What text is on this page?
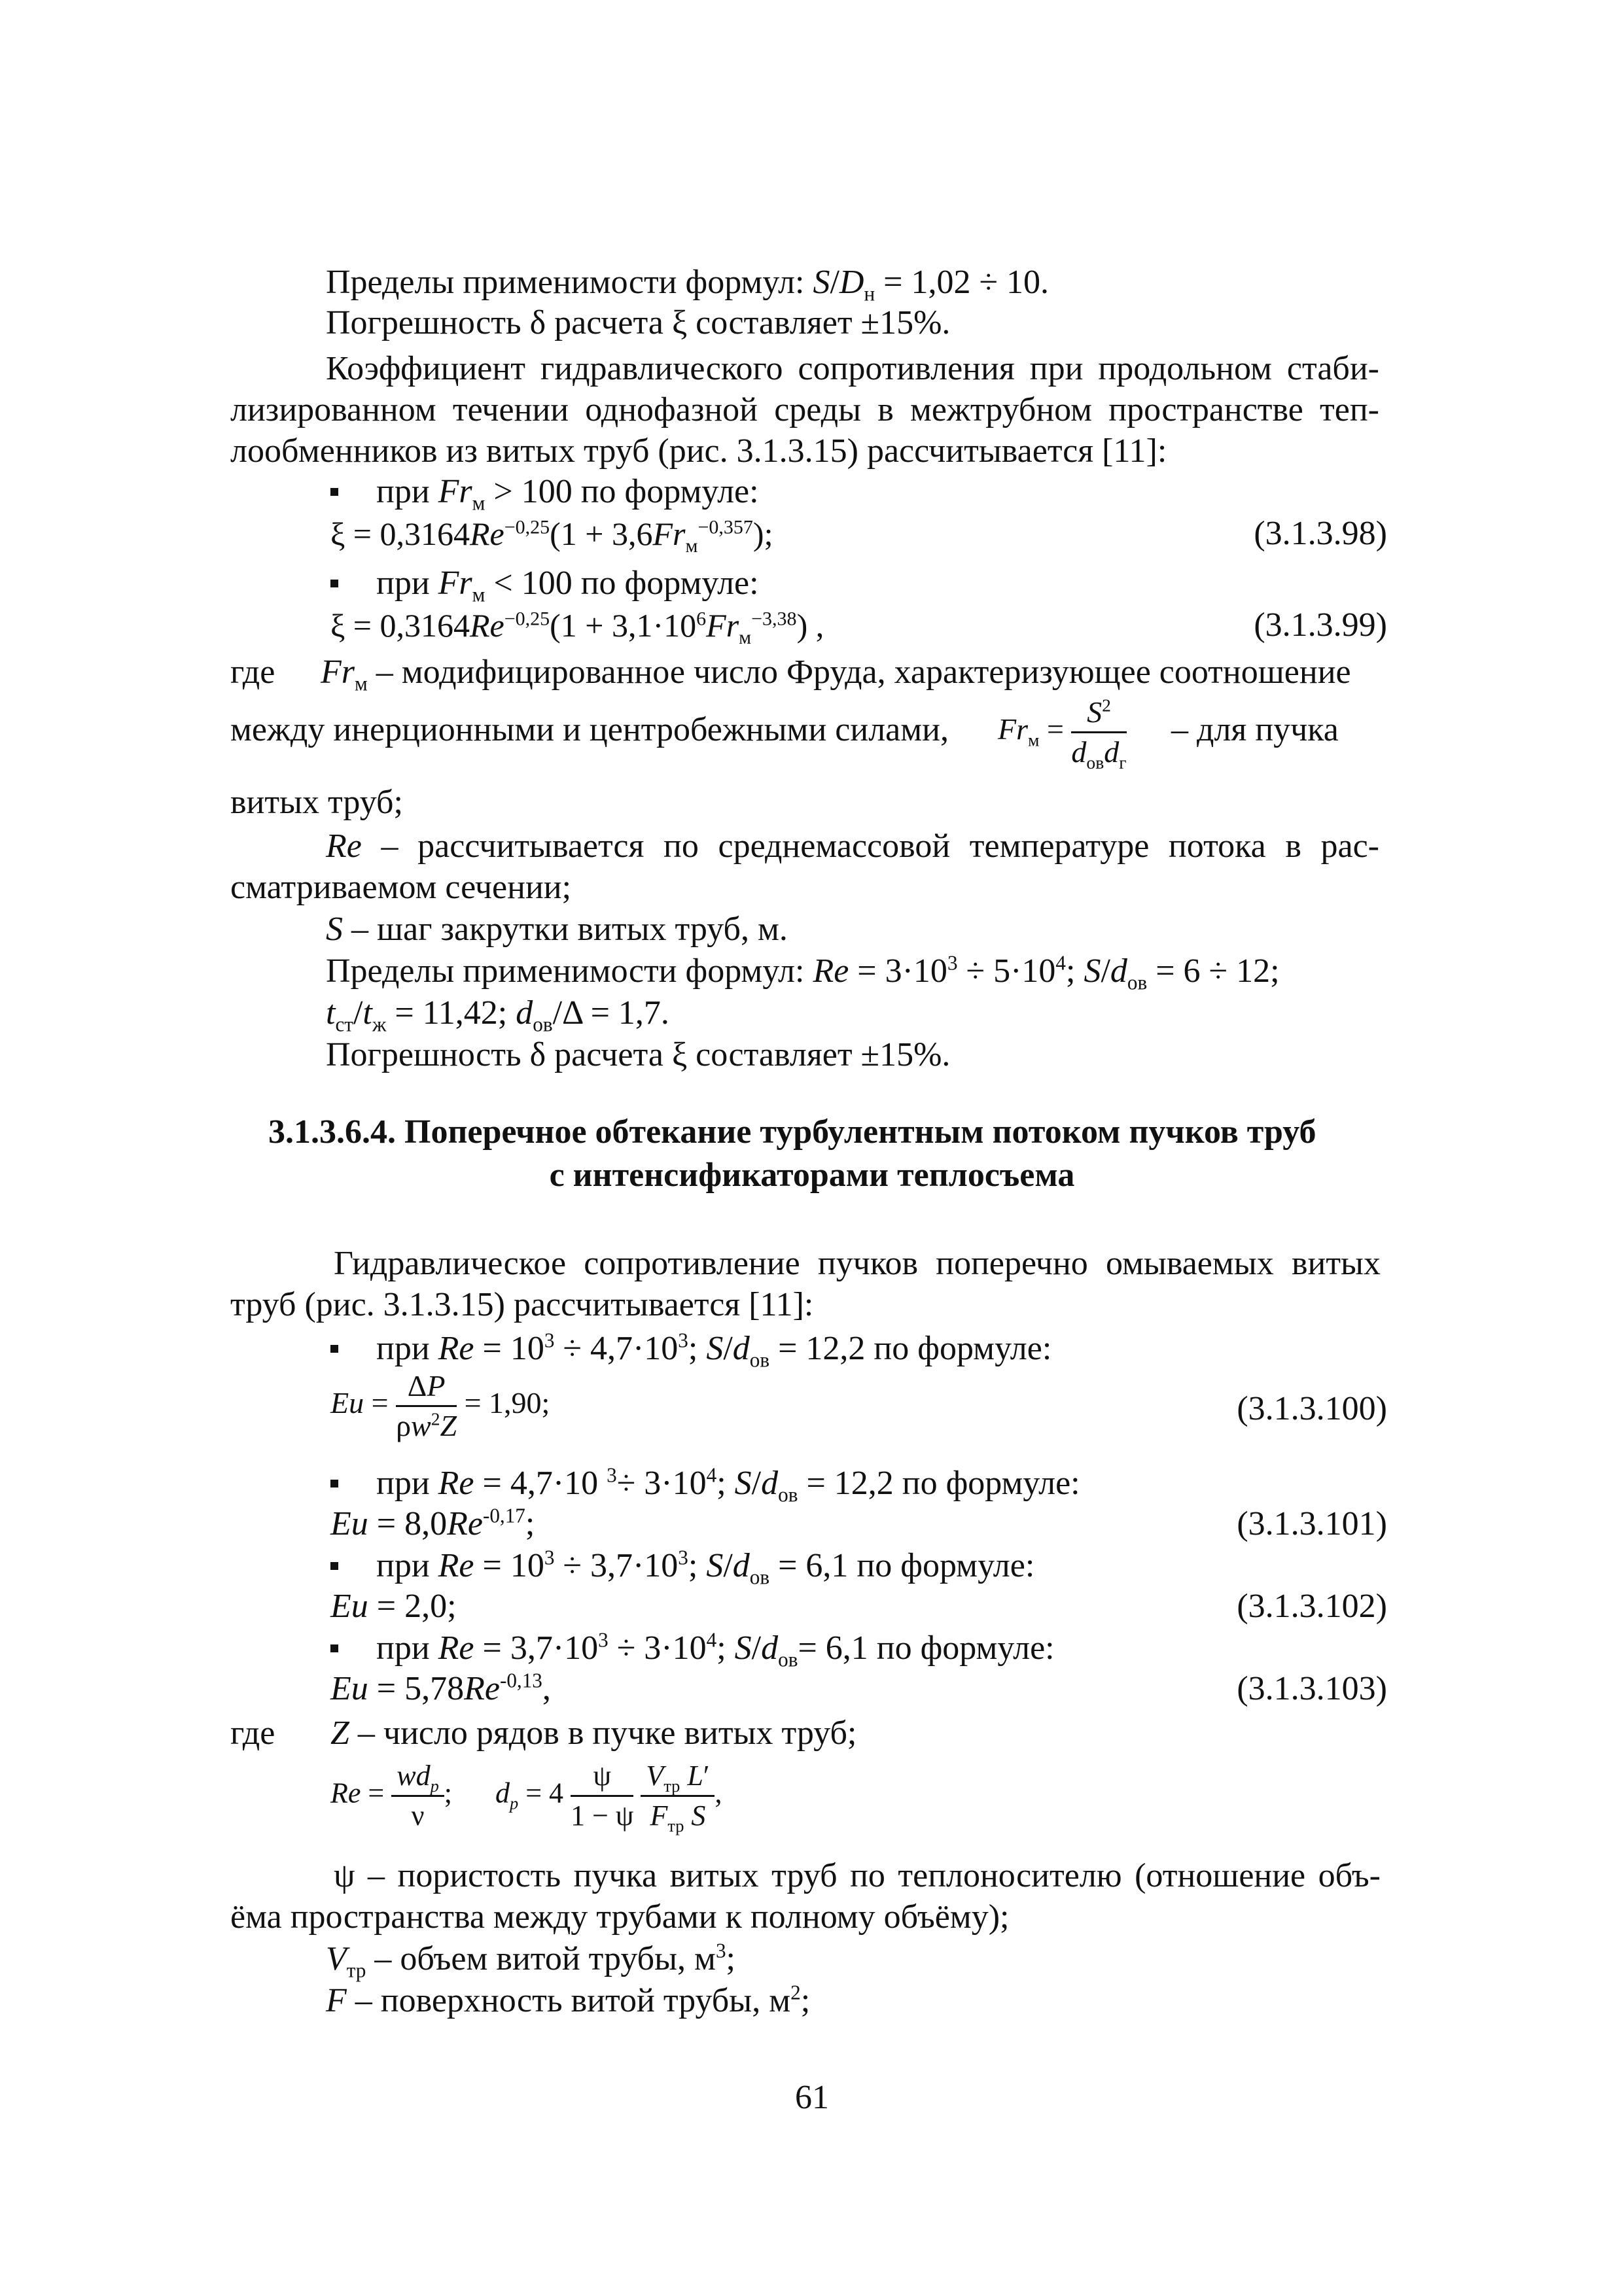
Пределы применимости формул: $S/D_н = 1,02 \div 10$.
Погрешность δ расчета ξ составляет ±15%.
Коэффициент гидравлического сопротивления при продольном стаби-
лизированном течении однофазной среды в межтрубном пространстве теп-
лообменников из витых труб (рис. 3.1.3.15) рассчитывается [11]:
при $Fr_м > 100$ по формуле:
$\xi = 0,3164Re^{-0,25}(1 + 3,6Fr_м^{-0,357})$;	(3.1.3.98)
при $Fr_м < 100$ по формуле:
$\xi = 0,3164Re^{-0,25}(1 + 3,1\cdot 10^6Fr_м^{-3,38})$ ,	(3.1.3.99)
где $Fr_м$ – модифицированное число Фруда, характеризующее соотношение
между инерционными и центробежными силами, $Fr_м = \frac{S^2}{d_{ов}d_г}$ – для пучка
витых труб;
Re – рассчитывается по среднемассовой температуре потока в рас-
сматриваемом сечении;
S – шаг закрутки витых труб, м.
Пределы применимости формул: $Re = 3\cdot 10^3 \div 5\cdot 10^4$; $S/d_{ов} = 6 \div 12$;
$t_{ст}/t_ж = 11,42$; $d_{ов}/\Delta = 1,7$.
Погрешность δ расчета ξ составляет ±15%.
3.1.3.6.4. Поперечное обтекание турбулентным потоком пучков труб
с интенсификаторами теплосъема
Гидравлическое сопротивление пучков поперечно омываемых витых
труб (рис. 3.1.3.15) рассчитывается [11]:
при $Re = 10^3 \div 4,7\cdot 10^3$; $S/d_{ов} = 12,2$ по формуле:
$Eu = \frac{\Delta P}{\rho w^2Z} = 1,90$;	(3.1.3.100)
при Re = 4,7·10 $^3\div 3\cdot 10^4$; $S/d_{ов} = 12,2$ по формуле:
$Eu = 8,0Re^{-0,17}$;	(3.1.3.101)
при $Re = 10^3 \div 3,7\cdot 10^3$; $S/d_{ов} = 6,1$ по формуле:
Eu = 2,0;	(3.1.3.102)
при $Re = 3,7\cdot 10^3 \div 3\cdot 10^4$; $S/d_{ов}= 6,1$ по формуле:
$Eu = 5,78Re^{-0,13}$,	(3.1.3.103)
где Z – число рядов в пучке витых труб;
$Re = \frac{wd_p}{\nu}$ ;      $d_p = 4 \frac{\psi}{1 - \psi}$
$\frac{V_{тр} L'}{F_{тр} S}$ ,
ψ – пористость пучка витых труб по теплоносителю (отношение объ-
ёма пространства между трубами к полному объёму);
$V_{тр}$ – объем витой трубы, $м^3$;
F – поверхность витой трубы, $м^2$;
61
